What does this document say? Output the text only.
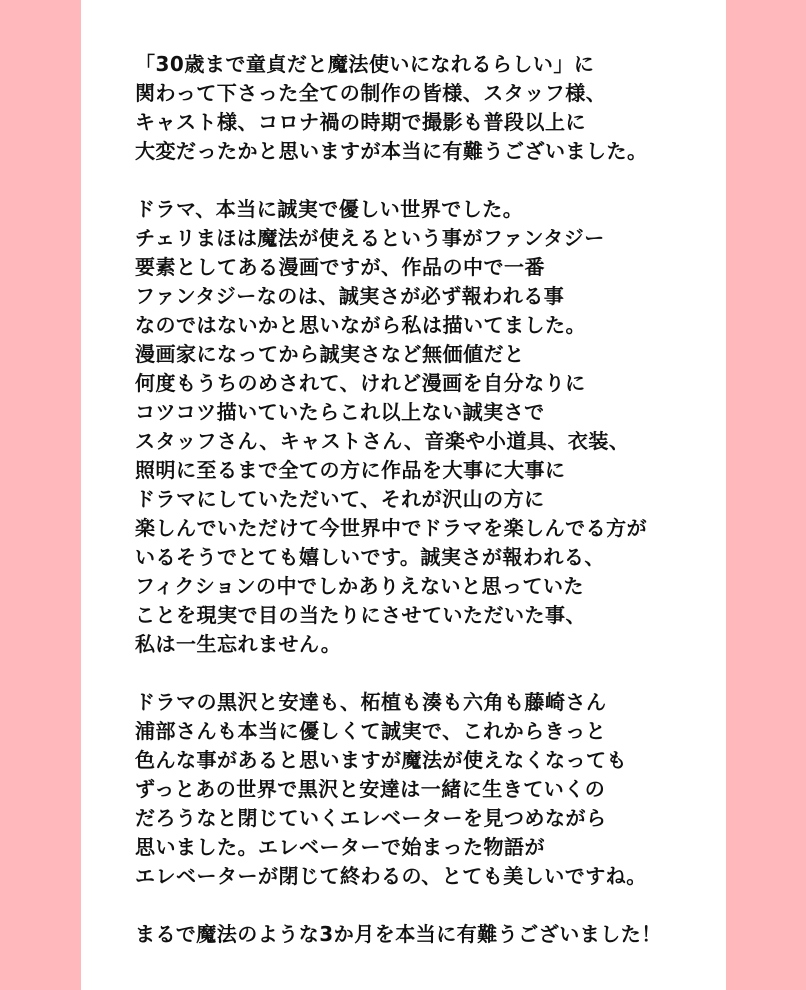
「30歳まで童貞だと魔法使いになれるらしい」に
関わって下さった全ての制作の皆様、スタッフ様、
キャスト様、コロナ禍の時期で撮影も普段以上に
大変だったかと思いますが本当に有難うございました。
ドラマ、本当に誠実で優しい世界でした。
チェリまほは魔法が使えるという事がファンタジー
要素としてある漫画ですが、作品の中で一番
ファンタジーなのは、誠実さが必ず報われる事
なのではないかと思いながら私は描いてました。
漫画家になってから誠実さなど無価値だと
何度もうちのめされて、けれど漫画を自分なりに
コツコツ描いていたらこれ以上ない誠実さで
スタッフさん、キャストさん、音楽や小道具、衣装、
照明に至るまで全ての方に作品を大事に大事に
ドラマにしていただいて、それが沢山の方に
楽しんでいただけて今世界中でドラマを楽しんでる方が
いるそうでとても嬉しいです。誠実さが報われる、
フィクションの中でしかありえないと思っていた
ことを現実で目の当たりにさせていただいた事、
私は一生忘れません。
ドラマの黒沢と安達も、柘植も湊も六角も藤崎さん
浦部さんも本当に優しくて誠実で、これからきっと
色んな事があると思いますが魔法が使えなくなっても
ずっとあの世界で黒沢と安達は一緒に生きていくの
だろうなと閉じていくエレベーターを見つめながら
思いました。エレベーターで始まった物語が
エレベーターが閉じて終わるの、とても美しいですね。
まるで魔法のような3か月を本当に有難うございました！
